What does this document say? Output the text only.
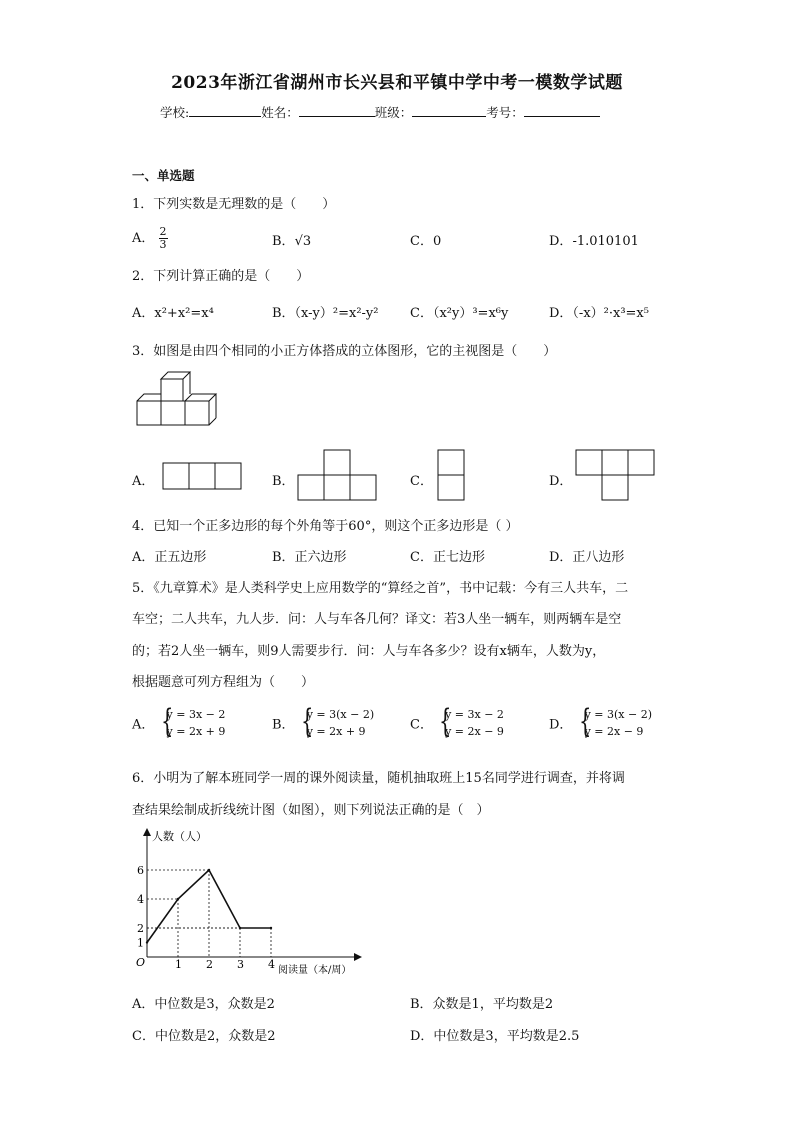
2023年浙江省湖州市长兴县和平镇中学中考一模数学试题
学校:	姓名：	班级：	考号：
一、单选题
1．下列实数是无理数的是（　　）
A． $\frac{2}{3}$	B．√3	C．0	D．-1.010101
2．下列计算正确的是（　　）
A．x²+x²=x⁴	B．（x-y）²=x²-y² C．（x²y）³=x⁶y	D．（-x）²·x³=x⁵
3．如图是由四个相同的小正方体搭成的立体图形，它的主视图是（　　）
A．	B．	C．	D．
4．已知一个正多边形的每个外角等于60°，则这个正多边形是（ ）
A．正五边形	B．正六边形	C．正七边形	D．正八边形
5．《九章算术》是人类科学史上应用数学的“算经之首”，书中记载：今有三人共车，二
车空；二人共车，九人步．问：人与车各几何？译文：若3人坐一辆车，则两辆车是空
的；若2人坐一辆车，则9人需要步行．问：人与车各多少？设有x辆车，人数为y，
根据题意可列方程组为（　　）
A．
{ y = 3x − 2
y = 2x + 9	B．
{ y = 3(x − 2)
y = 2x + 9	C．
{ y = 3x − 2
y = 2x − 9	D．
{ y = 3(x − 2)
y = 2x − 9
6．小明为了解本班同学一周的课外阅读量，随机抽取班上15名同学进行调查，并将调
查结果绘制成折线统计图（如图），则下列说法正确的是（　）
人数（人）
阅读量（本/周）
O	1 2 3 4
1
2
4
6
A．中位数是3，众数是2	B．众数是1，平均数是2
C．中位数是2，众数是2	D．中位数是3，平均数是2.5
